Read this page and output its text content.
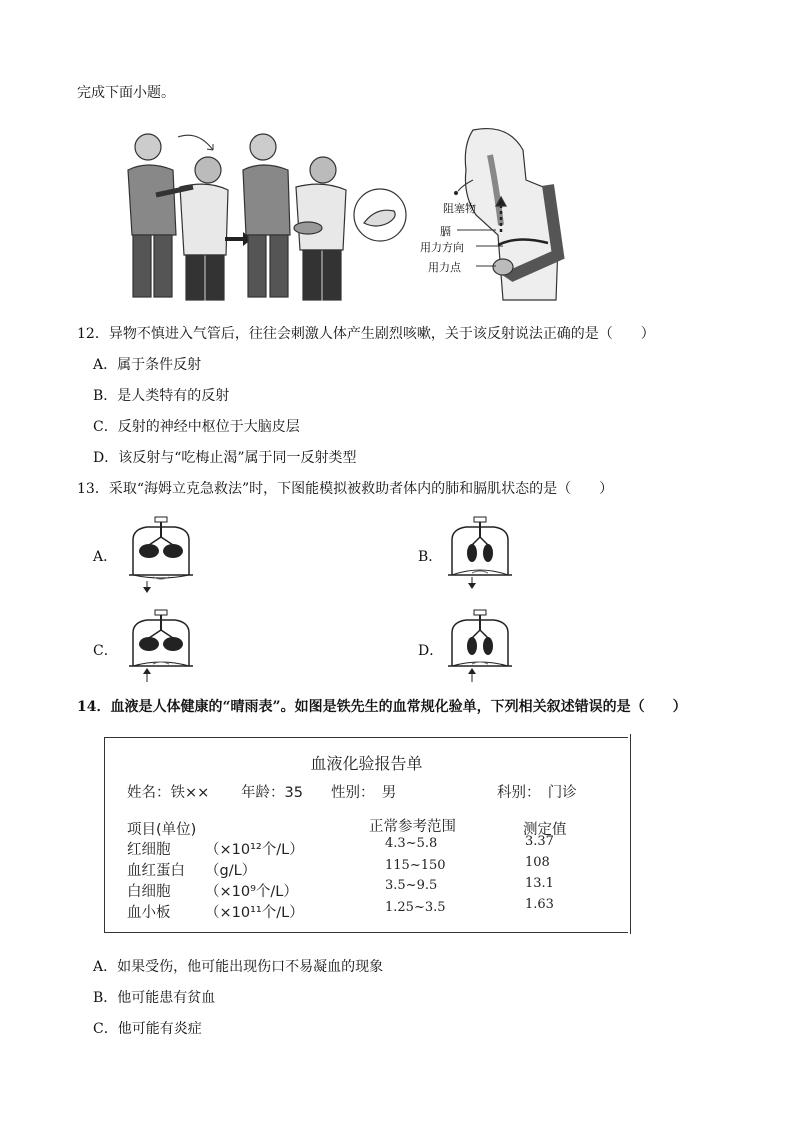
完成下面小题。
阻塞物
膈
用力方向
用力点
12．异物不慎进入气管后，往往会刺激人体产生剧烈咳嗽，关于该反射说法正确的是（　　）
A．属于条件反射
B．是人类特有的反射
C．反射的神经中枢位于大脑皮层
D．该反射与“吃梅止渴”属于同一反射类型
13．采取“海姆立克急救法”时，下图能模拟被救助者体内的肺和膈肌状态的是（　　）
A．	B．
C．	D．
14．血液是人体健康的“晴雨表”。如图是铁先生的血常规化验单，下列相关叙述错误的是（　　）
血液化验报告单
姓名：铁×× 年龄：35 性别：　男	科别：　门诊
项目(单位)	正常参考范围	测定值
红细胞 （×10¹²个/L）	4.3~5.8	3.37
血红蛋白 （g/L）	115~150	108
白细胞 （×10⁹个/L）	3.5~9.5	13.1
血小板 （×10¹¹个/L）	1.25~3.5	1.63
A．如果受伤，他可能出现伤口不易凝血的现象
B．他可能患有贫血
C．他可能有炎症
